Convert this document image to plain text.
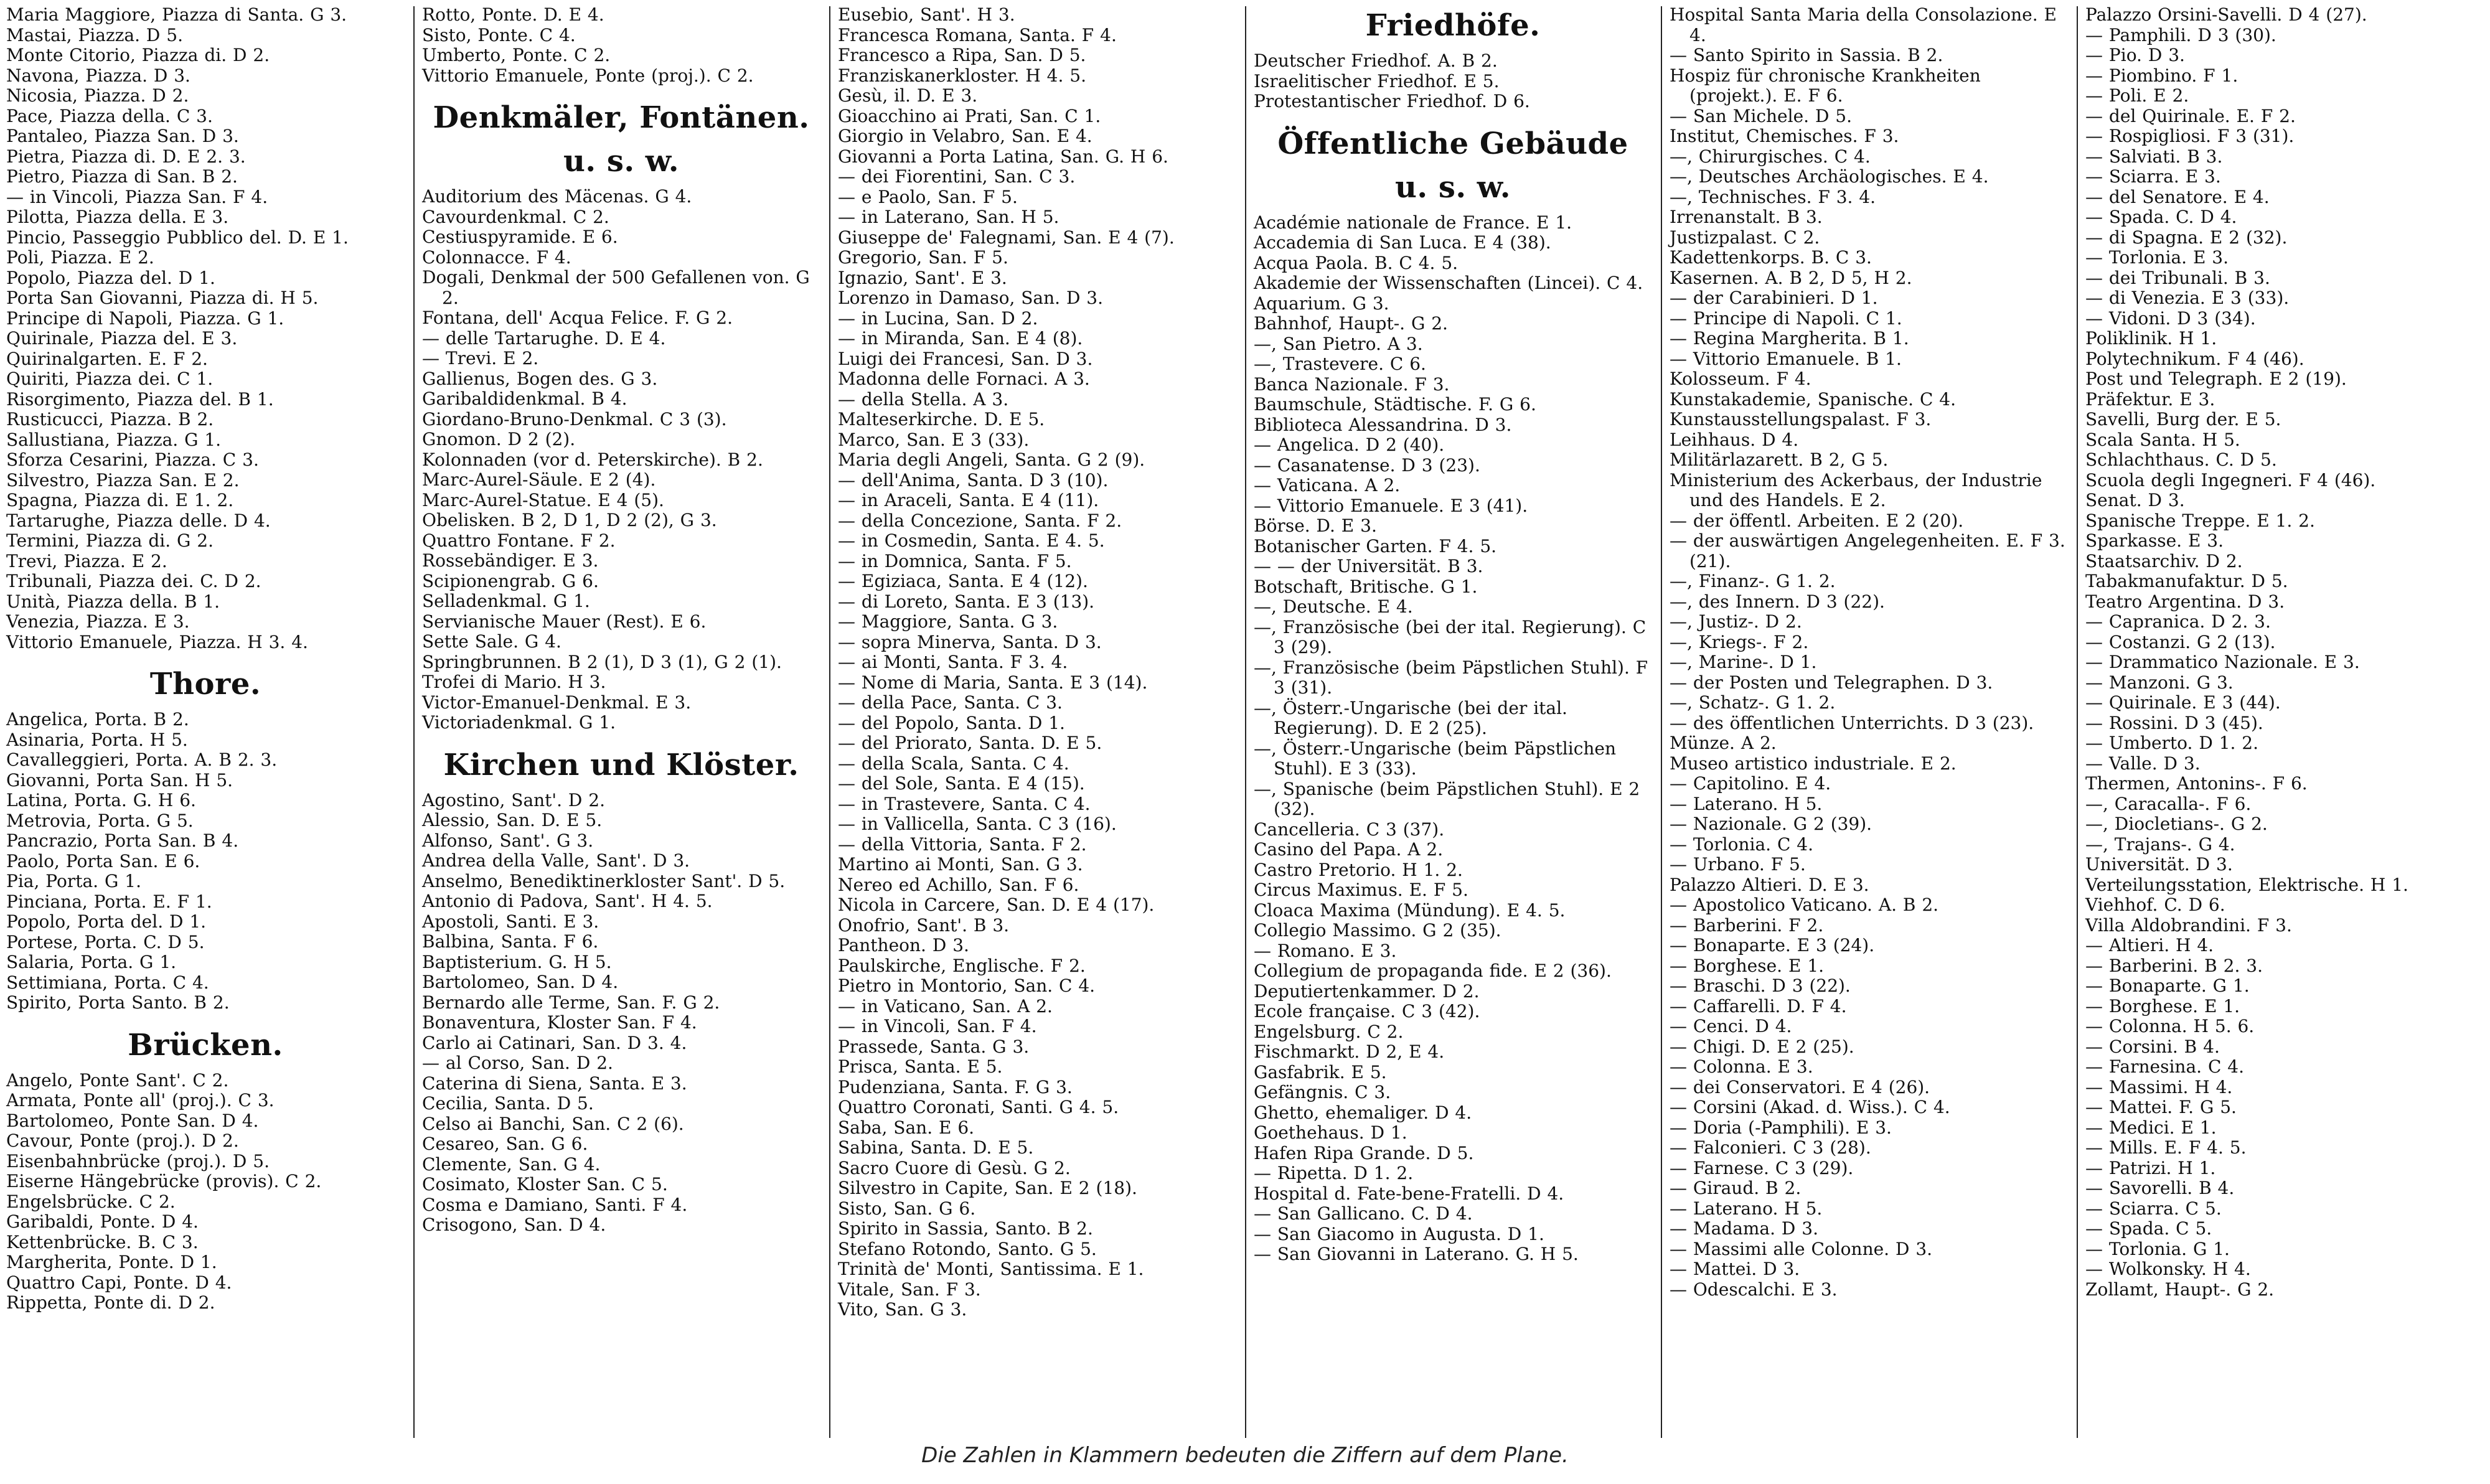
Maria Maggiore, Piazza di Santa. G 3.
Mastai, Piazza. D 5.
Monte Citorio, Piazza di. D 2.
Navona, Piazza. D 3.
Nicosia, Piazza. D 2.
Pace, Piazza della. C 3.
Pantaleo, Piazza San. D 3.
Pietra, Piazza di. D. E 2. 3.
Pietro, Piazza di San. B 2.
— in Vincoli, Piazza San. F 4.
Pilotta, Piazza della. E 3.
Pincio, Passeggio Pubblico del. D. E 1.
Poli, Piazza. E 2.
Popolo, Piazza del. D 1.
Porta San Giovanni, Piazza di. H 5.
Principe di Napoli, Piazza. G 1.
Quirinale, Piazza del. E 3.
Quirinalgarten. E. F 2.
Quiriti, Piazza dei. C 1.
Risorgimento, Piazza del. B 1.
Rusticucci, Piazza. B 2.
Sallustiana, Piazza. G 1.
Sforza Cesarini, Piazza. C 3.
Silvestro, Piazza San. E 2.
Spagna, Piazza di. E 1. 2.
Tartarughe, Piazza delle. D 4.
Termini, Piazza di. G 2.
Trevi, Piazza. E 2.
Tribunali, Piazza dei. C. D 2.
Unità, Piazza della. B 1.
Venezia, Piazza. E 3.
Vittorio Emanuele, Piazza. H 3. 4.
Thore.
Angelica, Porta. B 2.
Asinaria, Porta. H 5.
Cavalleggieri, Porta. A. B 2. 3.
Giovanni, Porta San. H 5.
Latina, Porta. G. H 6.
Metrovia, Porta. G 5.
Pancrazio, Porta San. B 4.
Paolo, Porta San. E 6.
Pia, Porta. G 1.
Pinciana, Porta. E. F 1.
Popolo, Porta del. D 1.
Portese, Porta. C. D 5.
Salaria, Porta. G 1.
Settimiana, Porta. C 4.
Spirito, Porta Santo. B 2.
Brücken.
Angelo, Ponte Sant'. C 2.
Armata, Ponte all' (proj.). C 3.
Bartolomeo, Ponte San. D 4.
Cavour, Ponte (proj.). D 2.
Eisenbahnbrücke (proj.). D 5.
Eiserne Hängebrücke (provis). C 2.
Engelsbrücke. C 2.
Garibaldi, Ponte. D 4.
Kettenbrücke. B. C 3.
Margherita, Ponte. D 1.
Quattro Capi, Ponte. D 4.
Rippetta, Ponte di. D 2.
Rotto, Ponte. D. E 4.
Sisto, Ponte. C 4.
Umberto, Ponte. C 2.
Vittorio Emanuele, Ponte (proj.). C 2.
Denkmäler, Fontänen.
u. s. w.
Auditorium des Mäcenas. G 4.
Cavourdenkmal. C 2.
Cestiuspyramide. E 6.
Colonnacce. F 4.
Dogali, Denkmal der 500 Gefallenen von. G 2.
Fontana, dell' Acqua Felice. F. G 2.
— delle Tartarughe. D. E 4.
— Trevi. E 2.
Gallienus, Bogen des. G 3.
Garibaldidenkmal. B 4.
Giordano-Bruno-Denkmal. C 3 (3).
Gnomon. D 2 (2).
Kolonnaden (vor d. Peterskirche). B 2.
Marc-Aurel-Säule. E 2 (4).
Marc-Aurel-Statue. E 4 (5).
Obelisken. B 2, D 1, D 2 (2), G 3.
Quattro Fontane. F 2.
Rossebändiger. E 3.
Scipionengrab. G 6.
Selladenkmal. G 1.
Servianische Mauer (Rest). E 6.
Sette Sale. G 4.
Springbrunnen. B 2 (1), D 3 (1), G 2 (1).
Trofei di Mario. H 3.
Victor-Emanuel-Denkmal. E 3.
Victoriadenkmal. G 1.
Kirchen und Klöster.
Agostino, Sant'. D 2.
Alessio, San. D. E 5.
Alfonso, Sant'. G 3.
Andrea della Valle, Sant'. D 3.
Anselmo, Benediktinerkloster Sant'. D 5.
Antonio di Padova, Sant'. H 4. 5.
Apostoli, Santi. E 3.
Balbina, Santa. F 6.
Baptisterium. G. H 5.
Bartolomeo, San. D 4.
Bernardo alle Terme, San. F. G 2.
Bonaventura, Kloster San. F 4.
Carlo ai Catinari, San. D 3. 4.
— al Corso, San. D 2.
Caterina di Siena, Santa. E 3.
Cecilia, Santa. D 5.
Celso ai Banchi, San. C 2 (6).
Cesareo, San. G 6.
Clemente, San. G 4.
Cosimato, Kloster San. C 5.
Cosma e Damiano, Santi. F 4.
Crisogono, San. D 4.
Eusebio, Sant'. H 3.
Francesca Romana, Santa. F 4.
Francesco a Ripa, San. D 5.
Franziskanerkloster. H 4. 5.
Gesù, il. D. E 3.
Gioacchino ai Prati, San. C 1.
Giorgio in Velabro, San. E 4.
Giovanni a Porta Latina, San. G. H 6.
— dei Fiorentini, San. C 3.
— e Paolo, San. F 5.
— in Laterano, San. H 5.
Giuseppe de' Falegnami, San. E 4 (7).
Gregorio, San. F 5.
Ignazio, Sant'. E 3.
Lorenzo in Damaso, San. D 3.
— in Lucina, San. D 2.
— in Miranda, San. E 4 (8).
Luigi dei Francesi, San. D 3.
Madonna delle Fornaci. A 3.
— della Stella. A 3.
Malteserkirche. D. E 5.
Marco, San. E 3 (33).
Maria degli Angeli, Santa. G 2 (9).
— dell'Anima, Santa. D 3 (10).
— in Araceli, Santa. E 4 (11).
— della Concezione, Santa. F 2.
— in Cosmedin, Santa. E 4. 5.
— in Domnica, Santa. F 5.
— Egiziaca, Santa. E 4 (12).
— di Loreto, Santa. E 3 (13).
— Maggiore, Santa. G 3.
— sopra Minerva, Santa. D 3.
— ai Monti, Santa. F 3. 4.
— Nome di Maria, Santa. E 3 (14).
— della Pace, Santa. C 3.
— del Popolo, Santa. D 1.
— del Priorato, Santa. D. E 5.
— della Scala, Santa. C 4.
— del Sole, Santa. E 4 (15).
— in Trastevere, Santa. C 4.
— in Vallicella, Santa. C 3 (16).
— della Vittoria, Santa. F 2.
Martino ai Monti, San. G 3.
Nereo ed Achillo, San. F 6.
Nicola in Carcere, San. D. E 4 (17).
Onofrio, Sant'. B 3.
Pantheon. D 3.
Paulskirche, Englische. F 2.
Pietro in Montorio, San. C 4.
— in Vaticano, San. A 2.
— in Vincoli, San. F 4.
Prassede, Santa. G 3.
Prisca, Santa. E 5.
Pudenziana, Santa. F. G 3.
Quattro Coronati, Santi. G 4. 5.
Saba, San. E 6.
Sabina, Santa. D. E 5.
Sacro Cuore di Gesù. G 2.
Silvestro in Capite, San. E 2 (18).
Sisto, San. G 6.
Spirito in Sassia, Santo. B 2.
Stefano Rotondo, Santo. G 5.
Trinità de' Monti, Santissima. E 1.
Vitale, San. F 3.
Vito, San. G 3.
Friedhöfe.
Deutscher Friedhof. A. B 2.
Israelitischer Friedhof. E 5.
Protestantischer Friedhof. D 6.
Öffentliche Gebäude
u. s. w.
Académie nationale de France. E 1.
Accademia di San Luca. E 4 (38).
Acqua Paola. B. C 4. 5.
Akademie der Wissenschaften (Lincei). C 4.
Aquarium. G 3.
Bahnhof, Haupt-. G 2.
—, San Pietro. A 3.
—, Trastevere. C 6.
Banca Nazionale. F 3.
Baumschule, Städtische. F. G 6.
Biblioteca Alessandrina. D 3.
— Angelica. D 2 (40).
— Casanatense. D 3 (23).
— Vaticana. A 2.
— Vittorio Emanuele. E 3 (41).
Börse. D. E 3.
Botanischer Garten. F 4. 5.
— — der Universität. B 3.
Botschaft, Britische. G 1.
—, Deutsche. E 4.
—, Französische (bei der ital. Regierung). C 3 (29).
—, Französische (beim Päpstlichen Stuhl). F 3 (31).
—, Österr.-Ungarische (bei der ital. Regierung). D. E 2 (25).
—, Österr.-Ungarische (beim Päpstlichen Stuhl). E 3 (33).
—, Spanische (beim Päpstlichen Stuhl). E 2 (32).
Cancelleria. C 3 (37).
Casino del Papa. A 2.
Castro Pretorio. H 1. 2.
Circus Maximus. E. F 5.
Cloaca Maxima (Mündung). E 4. 5.
Collegio Massimo. G 2 (35).
— Romano. E 3.
Collegium de propaganda fide. E 2 (36).
Deputiertenkammer. D 2.
Ecole française. C 3 (42).
Engelsburg. C 2.
Fischmarkt. D 2, E 4.
Gasfabrik. E 5.
Gefängnis. C 3.
Ghetto, ehemaliger. D 4.
Goethehaus. D 1.
Hafen Ripa Grande. D 5.
— Ripetta. D 1. 2.
Hospital d. Fate-bene-Fratelli. D 4.
— San Gallicano. C. D 4.
— San Giacomo in Augusta. D 1.
— San Giovanni in Laterano. G. H 5.
Hospital Santa Maria della Consolazione. E 4.
— Santo Spirito in Sassia. B 2.
Hospiz für chronische Krankheiten (projekt.). E. F 6.
— San Michele. D 5.
Institut, Chemisches. F 3.
—, Chirurgisches. C 4.
—, Deutsches Archäologisches. E 4.
—, Technisches. F 3. 4.
Irrenanstalt. B 3.
Justizpalast. C 2.
Kadettenkorps. B. C 3.
Kasernen. A. B 2, D 5, H 2.
— der Carabinieri. D 1.
— Principe di Napoli. C 1.
— Regina Margherita. B 1.
— Vittorio Emanuele. B 1.
Kolosseum. F 4.
Kunstakademie, Spanische. C 4.
Kunstausstellungspalast. F 3.
Leihhaus. D 4.
Militärlazarett. B 2, G 5.
Ministerium des Ackerbaus, der Industrie und des Handels. E 2.
— der öffentl. Arbeiten. E 2 (20).
— der auswärtigen Angelegenheiten. E. F 3. (21).
—, Finanz-. G 1. 2.
—, des Innern. D 3 (22).
—, Justiz-. D 2.
—, Kriegs-. F 2.
—, Marine-. D 1.
— der Posten und Telegraphen. D 3.
—, Schatz-. G 1. 2.
— des öffentlichen Unterrichts. D 3 (23).
Münze. A 2.
Museo artistico industriale. E 2.
— Capitolino. E 4.
— Laterano. H 5.
— Nazionale. G 2 (39).
— Torlonia. C 4.
— Urbano. F 5.
Palazzo Altieri. D. E 3.
— Apostolico Vaticano. A. B 2.
— Barberini. F 2.
— Bonaparte. E 3 (24).
— Borghese. E 1.
— Braschi. D 3 (22).
— Caffarelli. D. F 4.
— Cenci. D 4.
— Chigi. D. E 2 (25).
— Colonna. E 3.
— dei Conservatori. E 4 (26).
— Corsini (Akad. d. Wiss.). C 4.
— Doria (-Pamphili). E 3.
— Falconieri. C 3 (28).
— Farnese. C 3 (29).
— Giraud. B 2.
— Laterano. H 5.
— Madama. D 3.
— Massimi alle Colonne. D 3.
— Mattei. D 3.
— Odescalchi. E 3.
Palazzo Orsini-Savelli. D 4 (27).
— Pamphili. D 3 (30).
— Pio. D 3.
— Piombino. F 1.
— Poli. E 2.
— del Quirinale. E. F 2.
— Rospigliosi. F 3 (31).
— Salviati. B 3.
— Sciarra. E 3.
— del Senatore. E 4.
— Spada. C. D 4.
— di Spagna. E 2 (32).
— Torlonia. E 3.
— dei Tribunali. B 3.
— di Venezia. E 3 (33).
— Vidoni. D 3 (34).
Poliklinik. H 1.
Polytechnikum. F 4 (46).
Post und Telegraph. E 2 (19).
Präfektur. E 3.
Savelli, Burg der. E 5.
Scala Santa. H 5.
Schlachthaus. C. D 5.
Scuola degli Ingegneri. F 4 (46).
Senat. D 3.
Spanische Treppe. E 1. 2.
Sparkasse. E 3.
Staatsarchiv. D 2.
Tabakmanufaktur. D 5.
Teatro Argentina. D 3.
— Capranica. D 2. 3.
— Costanzi. G 2 (13).
— Drammatico Nazionale. E 3.
— Manzoni. G 3.
— Quirinale. E 3 (44).
— Rossini. D 3 (45).
— Umberto. D 1. 2.
— Valle. D 3.
Thermen, Antonins-. F 6.
—, Caracalla-. F 6.
—, Diocletians-. G 2.
—, Trajans-. G 4.
Universität. D 3.
Verteilungsstation, Elektrische. H 1.
Viehhof. C. D 6.
Villa Aldobrandini. F 3.
— Altieri. H 4.
— Barberini. B 2. 3.
— Bonaparte. G 1.
— Borghese. E 1.
— Colonna. H 5. 6.
— Corsini. B 4.
— Farnesina. C 4.
— Massimi. H 4.
— Mattei. F. G 5.
— Medici. E 1.
— Mills. E. F 4. 5.
— Patrizi. H 1.
— Savorelli. B 4.
— Sciarra. C 5.
— Spada. C 5.
— Torlonia. G 1.
— Wolkonsky. H 4.
Zollamt, Haupt-. G 2.
Die Zahlen in Klammern bedeuten die Ziffern auf dem Plane.
